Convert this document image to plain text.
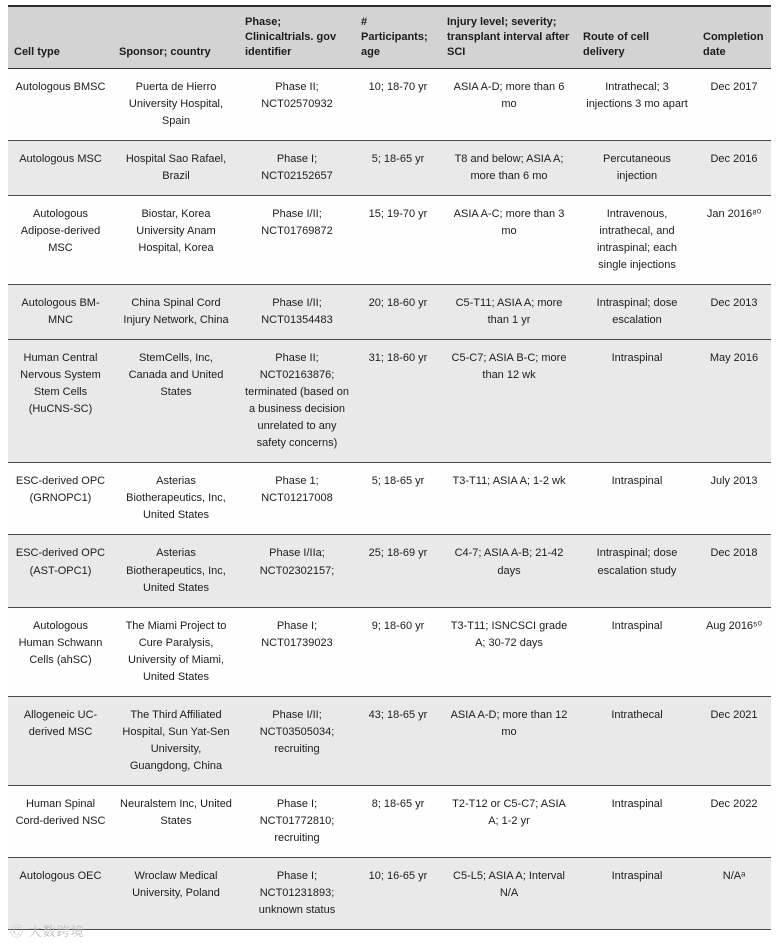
Cell type	Sponsor; country	Phase; Clinicaltrials. gov identifier	# Participants; age	Injury level; severity; transplant interval after SCI	Route of cell delivery	Completion date
Autologous BMSC	Puerta de Hierro University Hospital, Spain	Phase II; NCT02570932	10; 18-70 yr	ASIA A-D; more than 6 mo	Intrathecal; 3 injections 3 mo apart	Dec 2017
Autologous MSC	Hospital Sao Rafael, Brazil	Phase I; NCT02152657	5; 18-65 yr	T8 and below; ASIA A; more than 6 mo	Percutaneous injection	Dec 2016
Autologous Adipose-derived MSC	Biostar, Korea University Anam Hospital, Korea	Phase I/II; NCT01769872	15; 19-70 yr	ASIA A-C; more than 3 mo	Intravenous, intrathecal, and intraspinal; each single injections	Jan 2016⁸⁰
Autologous BM-MNC	China Spinal Cord Injury Network, China	Phase I/II; NCT01354483	20; 18-60 yr	C5-T11; ASIA A; more than 1 yr	Intraspinal; dose escalation	Dec 2013
Human Central Nervous System Stem Cells (HuCNS-SC)	StemCells, Inc, Canada and United States	Phase II; NCT02163876; terminated (based on a business decision unrelated to any safety concerns)	31; 18-60 yr	C5-C7; ASIA B-C; more than 12 wk	Intraspinal	May 2016
ESC-derived OPC (GRNOPC1)	Asterias Biotherapeutics, Inc, United States	Phase 1; NCT01217008	5; 18-65 yr	T3-T11; ASIA A; 1-2 wk	Intraspinal	July 2013
ESC-derived OPC (AST-OPC1)	Asterias Biotherapeutics, Inc, United States	Phase I/IIa; NCT02302157;	25; 18-69 yr	C4-7; ASIA A-B; 21-42 days	Intraspinal; dose escalation study	Dec 2018
Autologous Human Schwann Cells (ahSC)	The Miami Project to Cure Paralysis, University of Miami, United States	Phase I; NCT01739023	9; 18-60 yr	T3-T11; ISNCSCI grade A; 30-72 days	Intraspinal	Aug 2016⁵⁰
Allogeneic UC-derived MSC	The Third Affiliated Hospital, Sun Yat-Sen University, Guangdong, China	Phase I/II; NCT03505034; recruiting	43; 18-65 yr	ASIA A-D; more than 12 mo	Intrathecal	Dec 2021
Human Spinal Cord-derived NSC	Neuralstem Inc, United States	Phase I; NCT01772810; recruiting	8; 18-65 yr	T2-T12 or C5-C7; ASIA A; 1-2 yr	Intraspinal	Dec 2022
Autologous OEC	Wroclaw Medical University, Poland	Phase I; NCT01231893; unknown status	10; 16-65 yr	C5-L5; ASIA A; Interval N/A	Intraspinal	N/Aᵃ
Ⓒ 大数跨境
